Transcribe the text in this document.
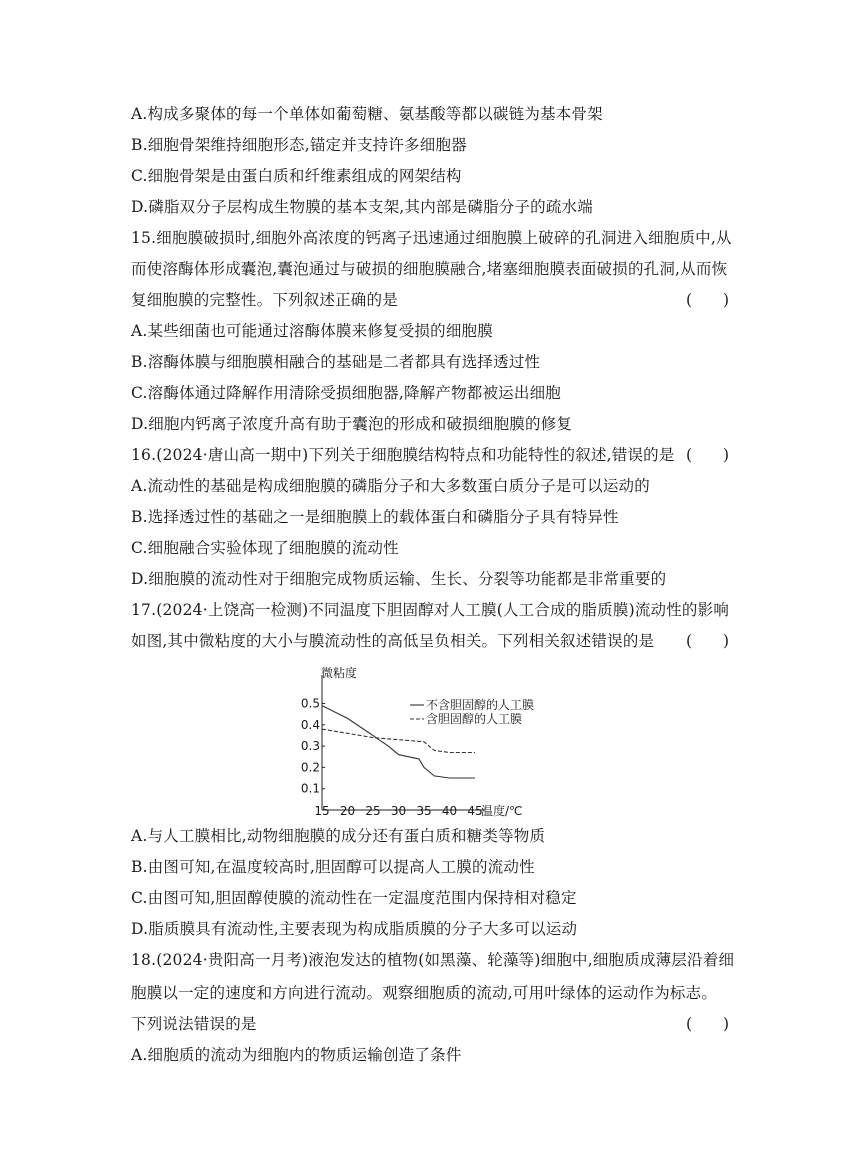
A.构成多聚体的每一个单体如葡萄糖、氨基酸等都以碳链为基本骨架
B.细胞骨架维持细胞形态,锚定并支持许多细胞器
C.细胞骨架是由蛋白质和纤维素组成的网架结构
D.磷脂双分子层构成生物膜的基本支架,其内部是磷脂分子的疏水端
15.细胞膜破损时,细胞外高浓度的钙离子迅速通过细胞膜上破碎的孔洞进入细胞质中,从
而使溶酶体形成囊泡,囊泡通过与破损的细胞膜融合,堵塞细胞膜表面破损的孔洞,从而恢
复细胞膜的完整性。下列叙述正确的是	(　　)
A.某些细菌也可能通过溶酶体膜来修复受损的细胞膜
B.溶酶体膜与细胞膜相融合的基础是二者都具有选择透过性
C.溶酶体通过降解作用清除受损细胞器,降解产物都被运出细胞
D.细胞内钙离子浓度升高有助于囊泡的形成和破损细胞膜的修复
16.(2024·唐山高一期中)下列关于细胞膜结构特点和功能特性的叙述,错误的是 (　　)
A.流动性的基础是构成细胞膜的磷脂分子和大多数蛋白质分子是可以运动的
B.选择透过性的基础之一是细胞膜上的载体蛋白和磷脂分子具有特异性
C.细胞融合实验体现了细胞膜的流动性
D.细胞膜的流动性对于细胞完成物质运输、生长、分裂等功能都是非常重要的
17.(2024·上饶高一检测)不同温度下胆固醇对人工膜(人工合成的脂质膜)流动性的影响
如图,其中微粘度的大小与膜流动性的高低呈负相关。下列相关叙述错误的是 (　　)
A.与人工膜相比,动物细胞膜的成分还有蛋白质和糖类等物质
B.由图可知,在温度较高时,胆固醇可以提高人工膜的流动性
C.由图可知,胆固醇使膜的流动性在一定温度范围内保持相对稳定
D.脂质膜具有流动性,主要表现为构成脂质膜的分子大多可以运动
18.(2024·贵阳高一月考)液泡发达的植物(如黑藻、轮藻等)细胞中,细胞质成薄层沿着细
胞膜以一定的速度和方向进行流动。观察细胞质的流动,可用叶绿体的运动作为标志。
下列说法错误的是	(　　)
A.细胞质的流动为细胞内的物质运输创造了条件
微粘度
温度/℃
15 20 25 30 35 40 45
0.1
0.2
0.3
0.4
0.5	不含胆固醇的人工膜
含胆固醇的人工膜
